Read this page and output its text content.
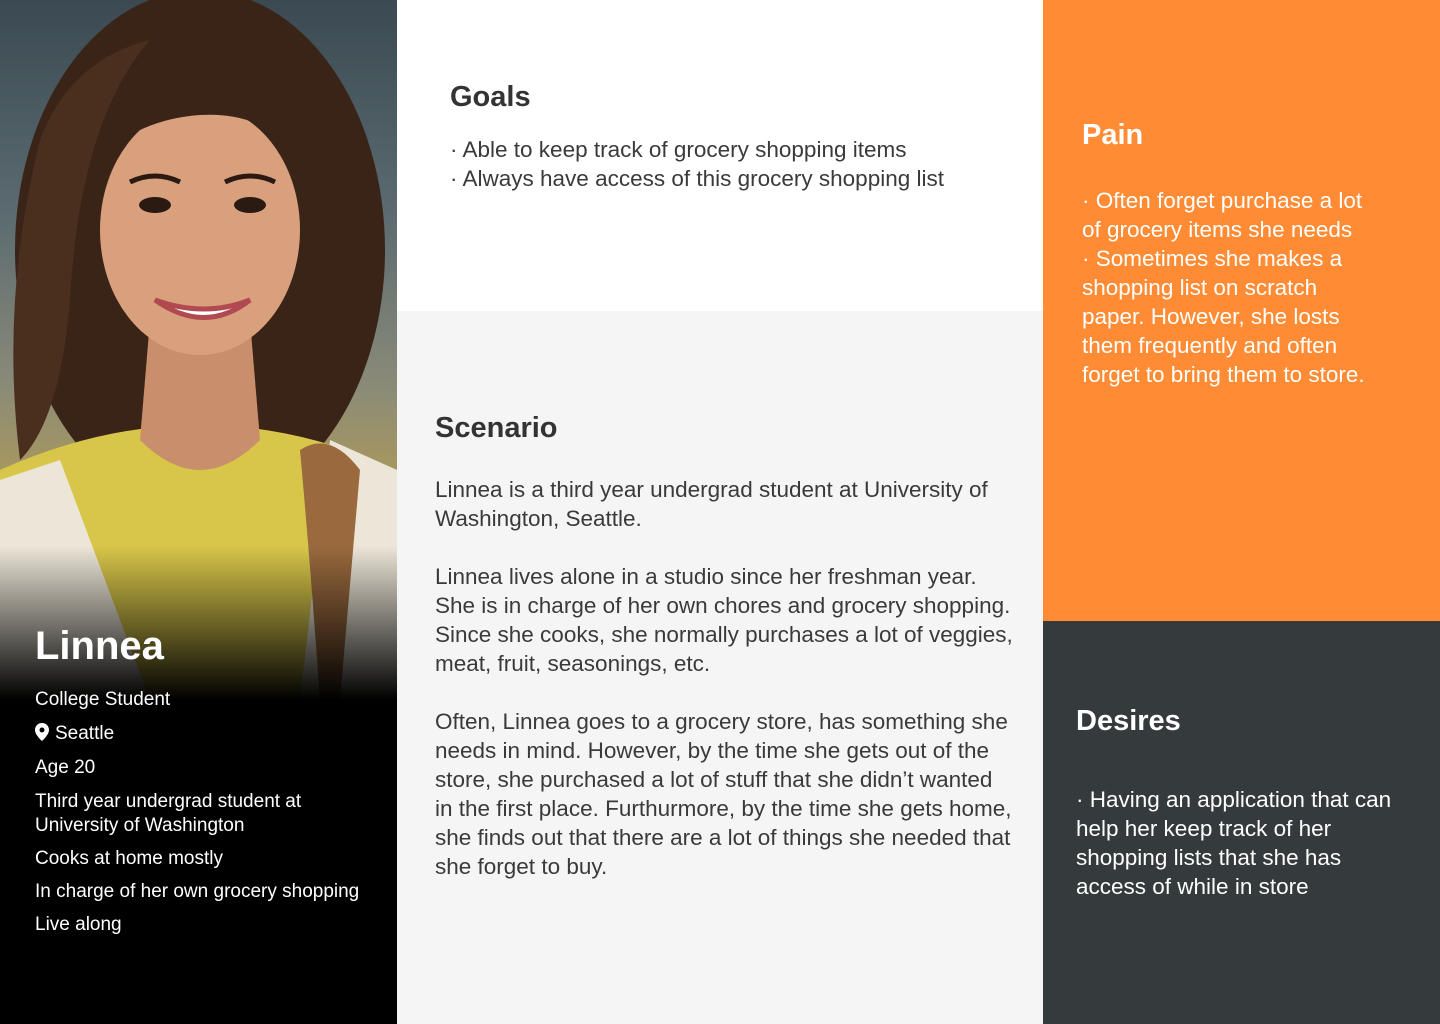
Linnea
College Student
Seattle
Age 20
Third year undergrad student at University of Washington
Cooks at home mostly
In charge of her own grocery shopping
Live along
Goals
· Able to keep track of grocery shopping items
· Always have access of this grocery shopping list
Scenario

Linnea is a third year undergrad student at University of Washington, Seattle.

Linnea lives alone in a studio since her freshman year. She is in charge of her own chores and grocery shopping. Since she cooks, she normally purchases a lot of veggies, meat, fruit, seasonings, etc.

Often, Linnea goes to a grocery store, has something she needs in mind. However, by the time she gets out of the store, she purchased a lot of stuff that she didn’t wanted in the first place. Furthurmore, by the time she gets home, she finds out that there are a lot of things she needed that she forget to buy.

Pain
· Often forget purchase a lot of grocery items she needs
· Sometimes she makes a shopping list on scratch paper. However, she losts them frequently and often forget to bring them to store.
Desires
· Having an application that can help her keep track of her shopping lists that she has access of while in store
